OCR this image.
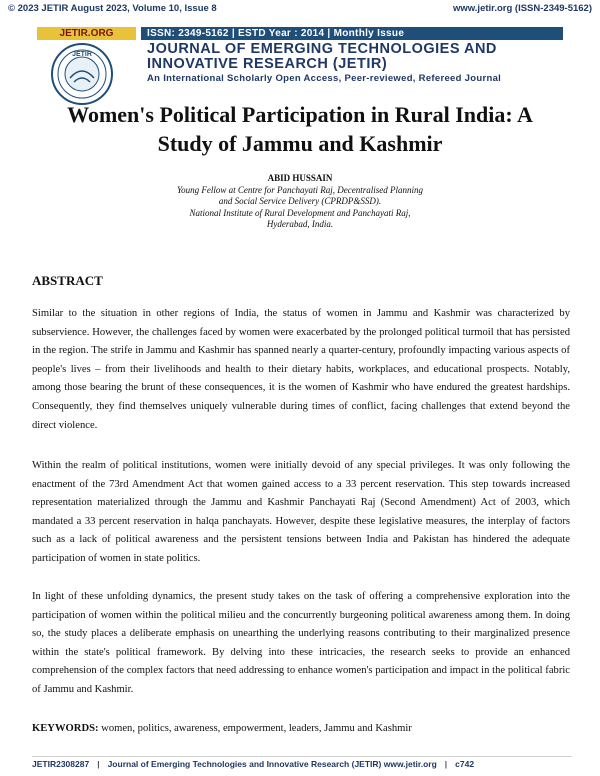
© 2023 JETIR August 2023, Volume 10, Issue 8	www.jetir.org (ISSN-2349-5162)
JETIR.ORG
JETIR
ISSN: 2349-5162 | ESTD Year : 2014 | Monthly Issue
JOURNAL OF EMERGING TECHNOLOGIES AND
INNOVATIVE RESEARCH (JETIR)
An International Scholarly Open Access, Peer-reviewed, Refereed Journal
Women's Political Participation in Rural India: A
Study of Jammu and Kashmir
ABID HUSSAIN
Young Fellow at Centre for Panchayati Raj, Decentralised Planning
and Social Service Delivery (CPRDP&SSD).
National Institute of Rural Development and Panchayati Raj,
Hyderabad, India.
ABSTRACT

Similar to the situation in other regions of India, the status of women in Jammu and Kashmir was characterized by subservience. However, the challenges faced by women were exacerbated by the prolonged political turmoil that has persisted in the region. The strife in Jammu and Kashmir has spanned nearly a quarter-century, profoundly impacting various aspects of people's lives – from their livelihoods and health to their dietary habits, workplaces, and educational prospects. Notably, among those bearing the brunt of these consequences, it is the women of Kashmir who have endured the greatest hardships. Consequently, they find themselves uniquely vulnerable during times of conflict, facing challenges that extend beyond the direct violence.

Within the realm of political institutions, women were initially devoid of any special privileges. It was only following the enactment of the 73rd Amendment Act that women gained access to a 33 percent reservation. This step towards increased representation materialized through the Jammu and Kashmir Panchayati Raj (Second Amendment) Act of 2003, which mandated a 33 percent reservation in halqa panchayats. However, despite these legislative measures, the interplay of factors such as a lack of political awareness and the persistent tensions between India and Pakistan has hindered the adequate participation of women in state politics.

In light of these unfolding dynamics, the present study takes on the task of offering a comprehensive exploration into the participation of women within the political milieu and the concurrently burgeoning political awareness among them. In doing so, the study places a deliberate emphasis on unearthing the underlying reasons contributing to their marginalized presence within the state's political framework. By delving into these intricacies, the research seeks to provide an enhanced comprehension of the complex factors that need addressing to enhance women's participation and impact in the political fabric of Jammu and Kashmir.

KEYWORDS: women, politics, awareness, empowerment, leaders, Jammu and Kashmir
JETIR2308287 | Journal of Emerging Technologies and Innovative Research (JETIR) www.jetir.org | c742
